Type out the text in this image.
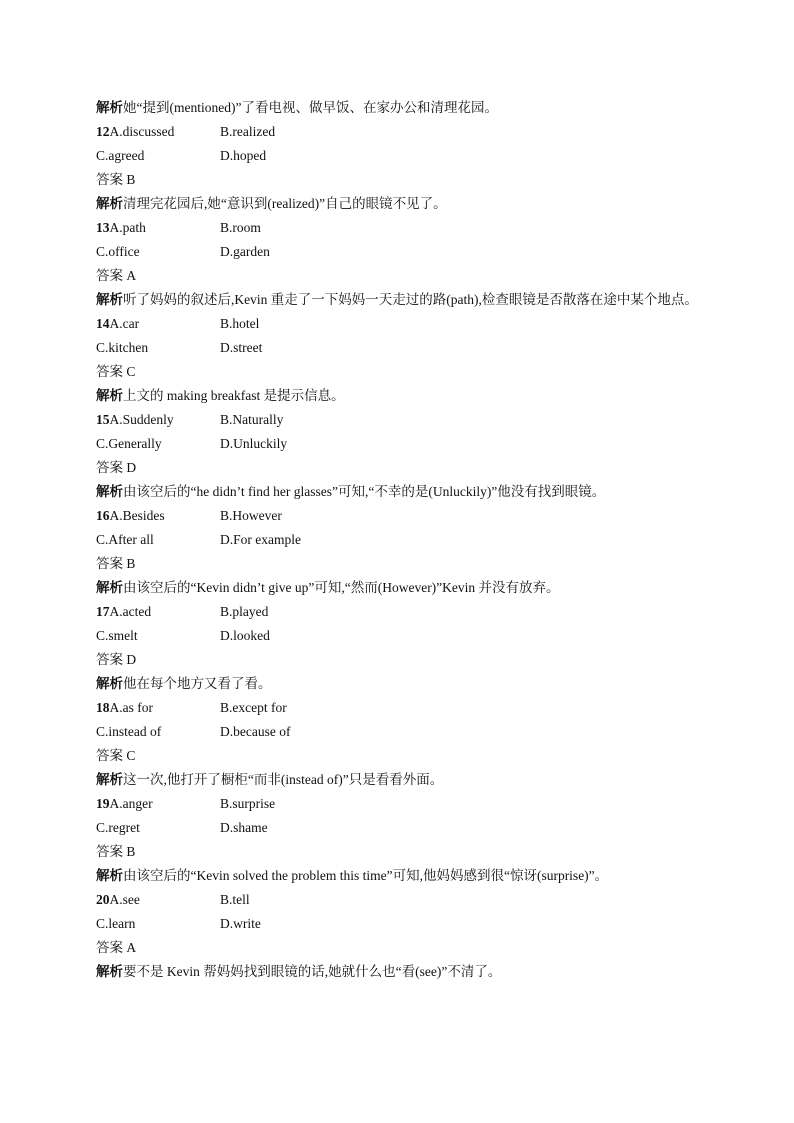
解析她“提到(mentioned)”了看电视、做早饭、在家办公和清理花园。
12A.discussed	B.realized
C.agreed	D.hoped
答案 B
解析清理完花园后,她“意识到(realized)”自己的眼镜不见了。
13A.path	B.room
C.office	D.garden
答案 A
解析听了妈妈的叙述后,Kevin 重走了一下妈妈一天走过的路(path),检查眼镜是否散落在途中某个地点。
14A.car	B.hotel
C.kitchen	D.street
答案 C
解析上文的 making breakfast 是提示信息。
15A.Suddenly	B.Naturally
C.Generally	D.Unluckily
答案 D
解析由该空后的“he didn’t find her glasses”可知,“不幸的是(Unluckily)”他没有找到眼镜。
16A.Besides	B.However
C.After all	D.For example
答案 B
解析由该空后的“Kevin didn’t give up”可知,“然而(However)”Kevin 并没有放弃。
17A.acted	B.played
C.smelt	D.looked
答案 D
解析他在每个地方又看了看。
18A.as for	B.except for
C.instead of	D.because of
答案 C
解析这一次,他打开了橱柜“而非(instead of)”只是看看外面。
19A.anger	B.surprise
C.regret	D.shame
答案 B
解析由该空后的“Kevin solved the problem this time”可知,他妈妈感到很“惊讶(surprise)”。
20A.see	B.tell
C.learn	D.write
答案 A
解析要不是 Kevin 帮妈妈找到眼镜的话,她就什么也“看(see)”不清了。
